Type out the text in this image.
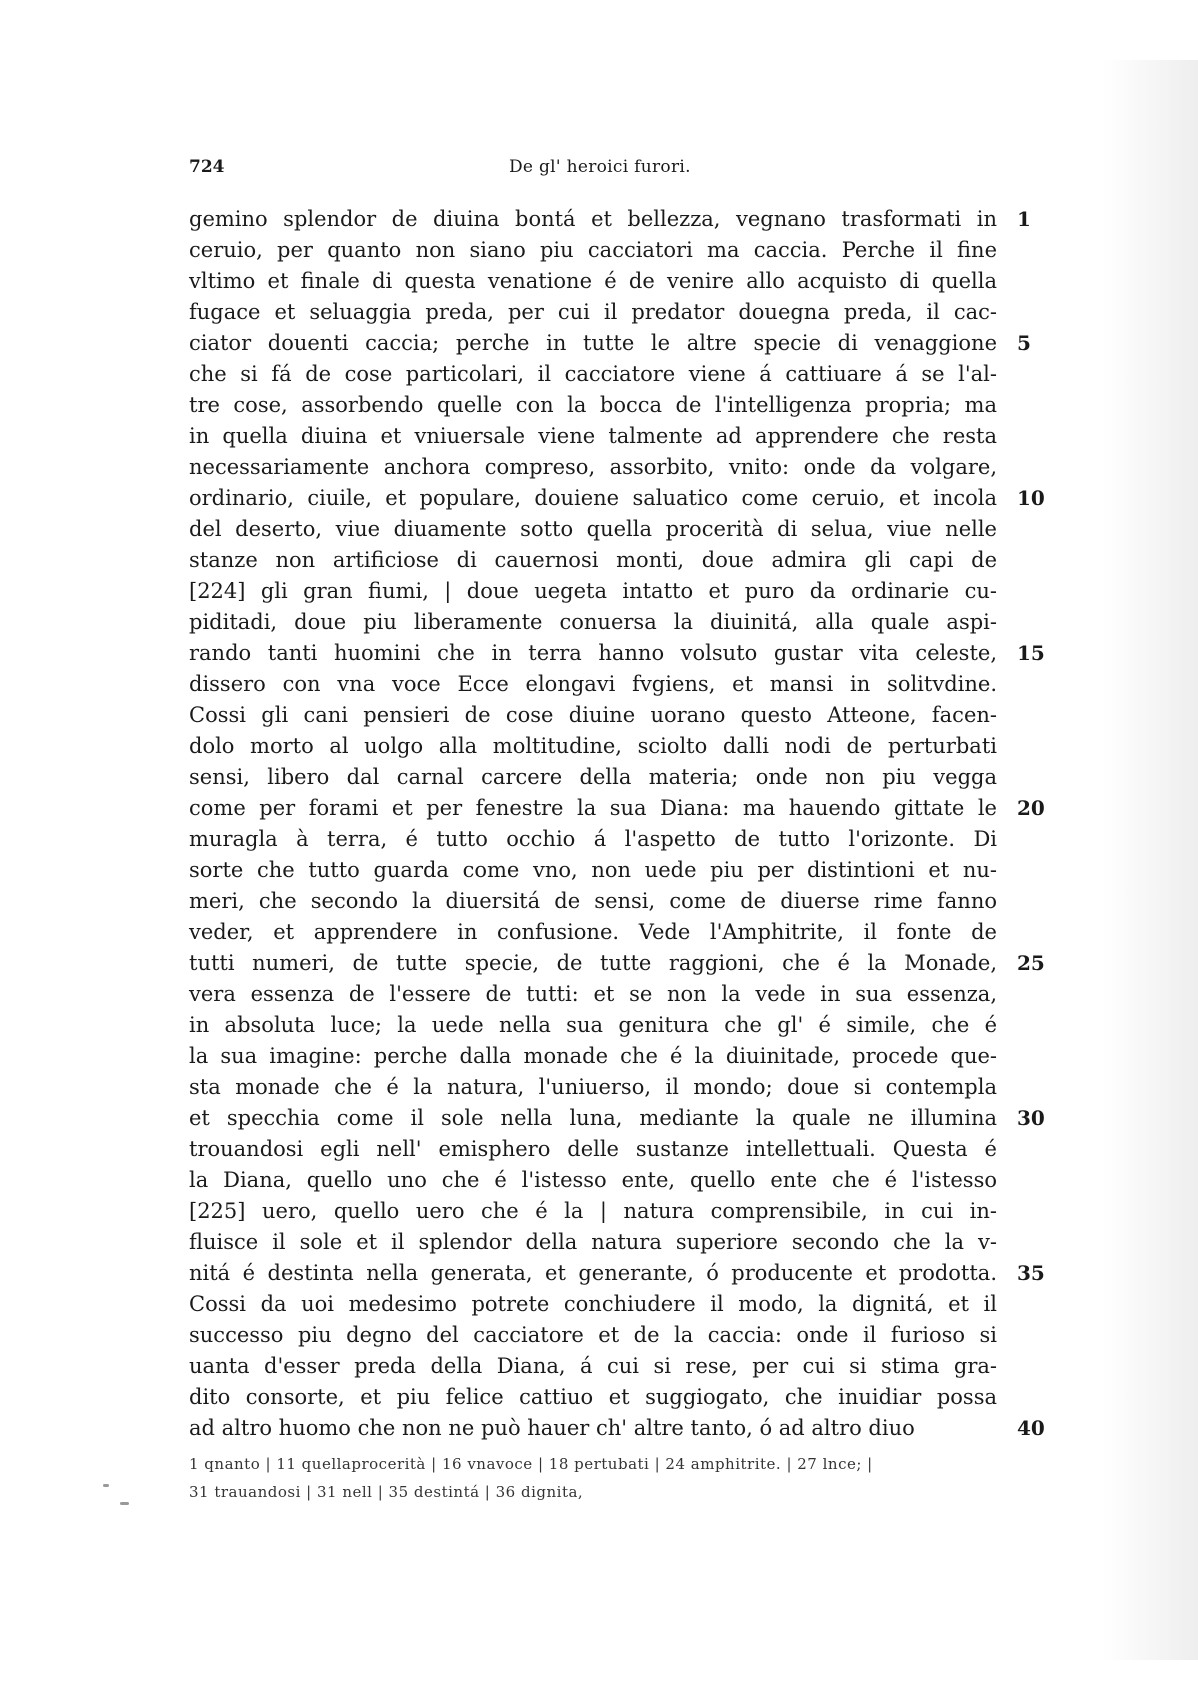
724	De gl' heroici furori.
gemino splendor de diuina bontá et bellezza, vegnano trasformati in 1
ceruio, per quanto non siano piu cacciatori ma caccia. Perche il fine
vltimo et finale di questa venatione é de venire allo acquisto di quella
fugace et seluaggia preda, per cui il predator douegna preda, il cac-
ciator douenti caccia; perche in tutte le altre specie di venaggione 5
che si fá de cose particolari, il cacciatore viene á cattiuare á se l'al-
tre cose, assorbendo quelle con la bocca de l'intelligenza propria; ma
in quella diuina et vniuersale viene talmente ad apprendere che resta
necessariamente anchora compreso, assorbito, vnito: onde da volgare,
ordinario, ciuile, et populare, douiene saluatico come ceruio, et incola 10
del deserto, viue diuamente sotto quella procerità di selua, viue nelle
stanze non artificiose di cauernosi monti, doue admira gli capi de
[224] gli gran fiumi, | doue uegeta intatto et puro da ordinarie cu-
piditadi, doue piu liberamente conuersa la diuinitá, alla quale aspi-
rando tanti huomini che in terra hanno volsuto gustar vita celeste, 15
dissero con vna voce Ecce elongavi fvgiens, et mansi in solitvdine.
Cossi gli cani pensieri de cose diuine uorano questo Atteone, facen-
dolo morto al uolgo alla moltitudine, sciolto dalli nodi de perturbati
sensi, libero dal carnal carcere della materia; onde non piu vegga
come per forami et per fenestre la sua Diana: ma hauendo gittate le 20
muragla à terra, é tutto occhio á l'aspetto de tutto l'orizonte. Di
sorte che tutto guarda come vno, non uede piu per distintioni et nu-
meri, che secondo la diuersitá de sensi, come de diuerse rime fanno
veder, et apprendere in confusione. Vede l'Amphitrite, il fonte de
tutti numeri, de tutte specie, de tutte raggioni, che é la Monade, 25
vera essenza de l'essere de tutti: et se non la vede in sua essenza,
in absoluta luce; la uede nella sua genitura che gl' é simile, che é
la sua imagine: perche dalla monade che é la diuinitade, procede que-
sta monade che é la natura, l'uniuerso, il mondo; doue si contempla
et specchia come il sole nella luna, mediante la quale ne illumina 30
trouandosi egli nell' emisphero delle sustanze intellettuali. Questa é
la Diana, quello uno che é l'istesso ente, quello ente che é l'istesso
[225] uero, quello uero che é la | natura comprensibile, in cui in-
fluisce il sole et il splendor della natura superiore secondo che la v-
nitá é destinta nella generata, et generante, ó producente et prodotta. 35
Cossi da uoi medesimo potrete conchiudere il modo, la dignitá, et il
successo piu degno del cacciatore et de la caccia: onde il furioso si
uanta d'esser preda della Diana, á cui si rese, per cui si stima gra-
dito consorte, et piu felice cattiuo et suggiogato, che inuidiar possa
ad altro huomo che non ne può hauer ch' altre tanto, ó ad altro diuo	40
1 qnanto | 11 quellaprocerità | 16 vnavoce | 18 pertubati | 24 amphitrite. | 27 lnce; |
31 trauandosi | 31 nell | 35 destintá | 36 dignita,
